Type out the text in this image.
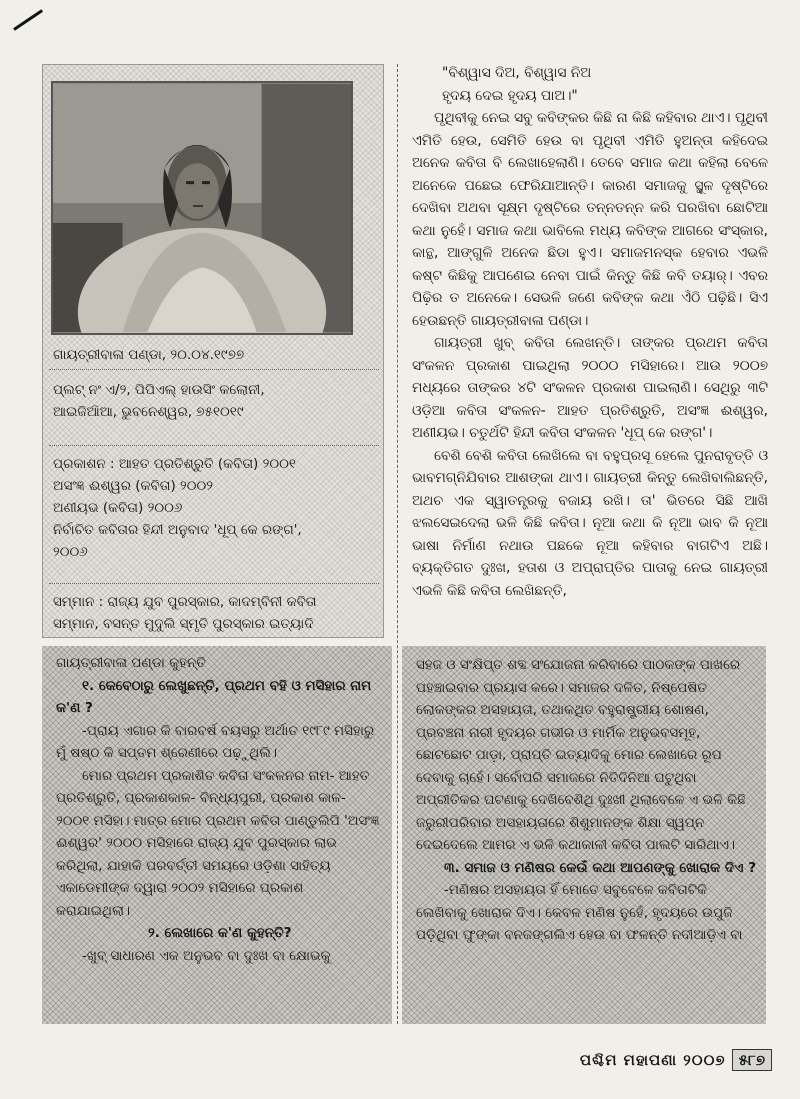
ଗାୟତ୍ରୀବାଳା ପଣ୍ଡା, ୨୦.୦୪.୧୯୭୭
ପ୍ଲଟ୍ ନଂ ଏ/୨, ପିପିଏଲ୍ ହାଉସିଂ କଲୋନୀ,
ଆଇଜିଆିଆ, ଭୁବନେଶ୍ୱର, ୭୫୧୦୧୯
ପ୍ରକାଶନ : ଆହତ ପ୍ରତିଶ୍ରୁତି (କବିତା) ୨୦୦୧
ଅସଂଜ୍ଞ ଈଶ୍ୱର (କବିତା) ୨୦୦୨
ଅଣୀୟଭ (କବିତା) ୨୦୦୬
ନିର୍ବାଚିତ କବିତାର ହିନ୍ଦୀ ଅନୁବାଦ 'ଧୂପ୍ କେ ରଙ୍ଗ',
୨୦୦୬
ସମ୍ମାନ : ରାଜ୍ୟ ଯୁବ ପୁରସ୍କାର, କାଦମ୍ବିନୀ କବିତା
ସମ୍ମାନ, ବସନ୍ତ ମୁଦୁଲି ସ୍ମୃତି ପୁରସ୍କାର ଇତ୍ୟାଦି

"ବିଶ୍ୱାସ ଦିଅ, ବିଶ୍ୱାସ ନିଅ

ହୃଦୟ ଦେଇ ହୃଦୟ ପାଅ।"

ପୃଥିବୀକୁ ନେଇ ସବୁ କବିଙ୍କର କିଛି ନା କିଛି କହିବାର ଥାଏ। ପୃଥିବୀ ଏମିତି ହେଉ, ସେମିତି ହେଉ ବା ପୃଥିବୀ ଏମିତି ହୁଅନ୍ତା କହିଦେଇ ଅନେକ କବିତା ବି ଲେଖାହେଲାଣି। ତେବେ ସମାଜ କଥା କହିଲା ବେଳେ ଅନେକେ ପଛେଇ ଫେରିଯାଆନ୍ତି। କାରଣ ସମାଜକୁ ସ୍ଥୂଳ ଦୃଷ୍ଟିରେ ଦେଖିବା ଅଥବା ସୂକ୍ଷ୍ମ ଦୃଷ୍ଟିରେ ତନ୍ନତନ୍ନ କରି ପରଖିବା ଛୋଟିଆ କଥା ନୁହେଁ। ସମାଜ କଥା ଭାବିଲେ ମଧ୍ୟ କବିଙ୍କ ଆଗରେ ସଂସ୍କାର, କାନ୍ଥ, ଆଙ୍ଗୁଳି ଅନେକ ଛିଡା ହୁଏ। ସମାଜମନସ୍କ ହେବାର ଏଭଳି କଷ୍ଟ କିଛିକୁ ଆପଣେଇ ନେବା ପାଇଁ କିନ୍ତୁ କିଛି କବି ତୟାର୍। ଏବର ପିଢ଼ିର ତ ଅନେକେ। ସେଭଳି ଜଣେ କବିଙ୍କ କଥା ଏଁଠି ପଢ଼ିଛି। ସିଏ ହେଉଛନ୍ତି ଗାୟତ୍ରୀବାଳା ପଣ୍ଡା।

ଗାୟତ୍ରୀ ଖୁବ୍ କବିତା ଲେଖନ୍ତି। ତାଙ୍କର ପ୍ରଥମ କବିତା ସଂକଳନ ପ୍ରକାଶ ପାଇଥିଲା ୨୦୦୦ ମସିହାରେ। ଆଉ ୨୦୦୭ ମଧ୍ୟରେ ତାଙ୍କର ୪ଟି ସଂକଳନ ପ୍ରକାଶ ପାଇଲାଣି। ସେଥିରୁ ୩ଟି ଓଡ଼ିଆ କବିତା ସଂକଳନ- ଆହତ ପ୍ରତିଶ୍ରୁତି, ଅସଂଜ୍ଞ ଈଶ୍ୱର, ଅଣୀୟଭ। ଚତୁର୍ଥଟି ହିନ୍ଦୀ କବିତା ସଂକଳନ 'ଧୂପ୍ କେ ରଙ୍ଗ'।

ବେଶି ବେଶି କବିତା ଲେଖିଲେ ବା ବହୁପ୍ରସୂ ହେଲେ ପୁନରାବୃତ୍ତି ଓ ଭାବମଗ୍ନିଯିବାର ଆଶଙ୍କା ଥାଏ। ଗାୟତ୍ରୀ କିନ୍ତୁ ଲେଖିବାଲିଛନ୍ତି, ଅଥଚ ଏକ ସ୍ୱାତନ୍ତ୍ରକୁ ବଜାୟ ରଖି। ତା' ଭିତରେ ସିଛି ଆଖି ଝଲସେଇଦେଲା ଭଳି କିଛି କବିତା। ନୂଆ କଥା କି ନୂଆ ଭାବ କି ନୂଆ ଭାଷା ନିର୍ମାଣ ନଥାଉ ପଛକେ ନୂଆ କହିବାର ବାଗଟିଏ ଅଛି। ବ୍ୟକ୍ତିଗତ ଦୁଃଖ, ହତାଶ ଓ ଅପ୍ରାପ୍ତିର ପାତାକୁ ନେଇ ଗାୟତ୍ରୀ ଏଭଳି କିଛି କବିତା ଲେଖିଛନ୍ତି,

ଗାୟତ୍ରୀବାଳା ପଣ୍ଡା କୁହନ୍ତି

୧. କେବେଠାରୁ ଲେଖୁଛନ୍ତି, ପ୍ରଥମ ବହି ଓ ମସିହାର ନାମ କ'ଣ ?

-ପ୍ରାୟ ଏଗାର କି ବାରବର୍ଷ ବୟସରୁ ଅର୍ଥାତ ୧୯୮୯ ମସିହାରୁ ମୁଁ ଷଷ୍ଠ କି ସପ୍ତମ ଶ୍ରେଣୀରେ ପଢ଼ୁଥିଲି।

ମୋର ପ୍ରଥମ ପ୍ରକାଶିତ କବିତା ସଂକଳନର ନାମ- ଆହତ ପ୍ରତିଶ୍ରୁତି, ପ୍ରକାଶକାଳ- ବିନ୍ଧ୍ୟପୁରୀ, ପ୍ରକାଶ କାଳ- ୨୦୦୧ ମସିହା। ମାତ୍ର ମୋର ପ୍ରଥମ କବିତା ପାଣ୍ଡୁଲିପି 'ଅସଂଜ୍ଞ ଈଶ୍ୱର' ୨୦୦୦ ମସିହାରେ ରାଜ୍ୟ ଯୁବ ପୁରସ୍କାର ଲାଭ କରିଥିଲା, ଯାହାକି ପରବର୍ତ୍ତୀ ସମୟରେ ଓଡ଼ିଶା ସାହିତ୍ୟ ଏକାଡେମୀଙ୍କ ଦ୍ୱାରା ୨୦୦୨ ମସିହାରେ ପ୍ରକାଶ କରାଯାଇଥିଲା।

୨. ଲେଖାରେ କ'ଣ କୁହନ୍ତି?

-ଖୁବ୍ ସାଧାରଣ ଏକ ଅନୁଭବ ବା ଦୁଃଖ ବା କ୍ଷୋଭକୁ

ସହଜ ଓ ସଂକ୍ଷିପ୍ତ ଶବ୍ଦ ସଂଯୋଜନା କରିବାରେ ପାଠକଙ୍କ ପାଖରେ ପହଞ୍ଚାଇବାର ପ୍ରୟାସ କରେ। ସମାଜର ଦଳିତ, ନିଷ୍ପେଷିତ ଲୋକଙ୍କର ଅସହାୟତା, ତଥାକଥିତ ବହୁରାଷ୍ଟ୍ରୀୟ ଶୋଷଣ, ପ୍ରବଞ୍ଚନା ନାରୀ ହୃଦୟର ଗଭୀର ଓ ମାର୍ମିକ ଅନୁଭବସମୂହ, ଛୋଟଛୋଟ ପାଡ଼ା, ପ୍ରାପ୍ତି ଇତ୍ୟାଦିକୁ ମୋର ଲେଖାରେ ରୂପ ଦେବାକୁ ଚାହେଁ। ସର୍ବୋପରି ସମାଜରେ ନିତିଦିନିଆ ଘଟୁଥିବା ଅପ୍ରୀତିକର ଘଟଣାକୁ ଦେଖିବେଶିଥି ଦୁଃଖୀ ଥିଲାବେଳେ ଏ ଭଳି କିଛି ଜରୁରୀପରିବାର ଅସହାୟତାରେ ଶିଶୁମାନଙ୍କ ଶିକ୍ଷା ସ୍ୱପ୍ନ ଦେଇଦେଲେ ଆମର ଏ ଭଳି କଥାକାଳୀ କବିତା ପାଲଟି ସାରିଥାଏ।

୩. ସମାଜ ଓ ମଣିଷର କେଉଁ କଥା ଆପଣଙ୍କୁ ଖୋରାକ ଦିଏ ?

-ମଣିଷର ଅସହାୟତା ହିଁ ମୋତେ ସବୁବେଳେ କବିତାଟିକି ଲେଖିବାକୁ ଖୋରାକ ଦିଏ। କେବଳ ମଣିଷ ନୁହେଁ, ହୃଦୟରେ ଉପୁଜି ପଡ଼ିଥିବା ଫୁଙ୍କା ବନଜଙ୍ଗଲିଏ ହେଉ ବା ଫଳନ୍ତି ନଦୀଆଡ଼ିଏ ବା

ପଶ୍ଚିମ ମହାପଣା ୨୦୦୭ ୫୮୭
